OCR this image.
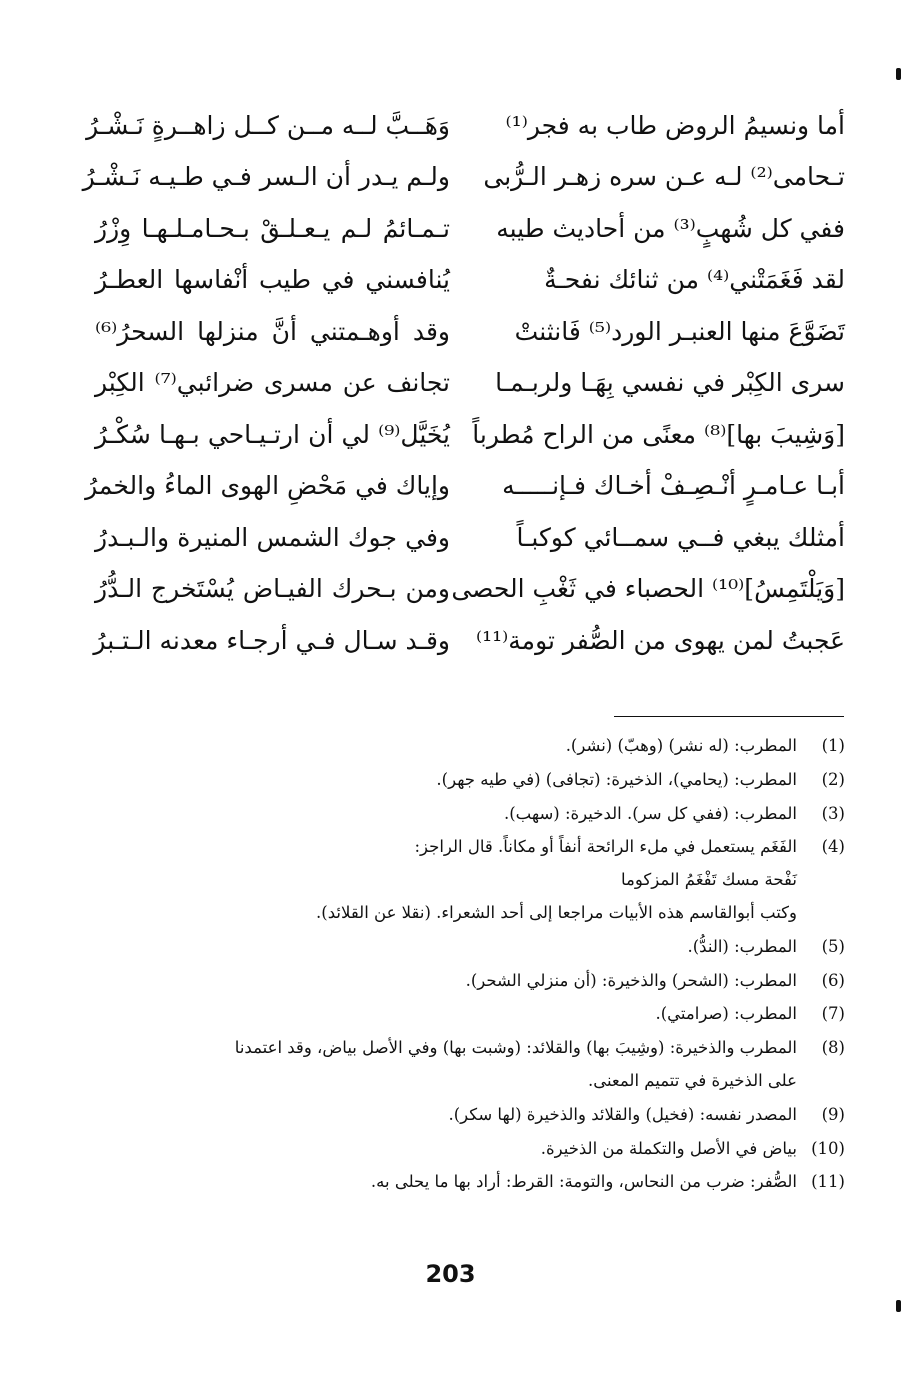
أما ونسيمُ الروض طاب به فجر⁽¹⁾
وَهَــبَّ لــه مــن كــل زاهــرةٍ نَـشْـرُ
تـحامى⁽²⁾ لـه عـن سره زهـر الـرُّبى
ولـم يـدر أن الـسر فـي طـيـه نَـشْـرُ
ففي كل شُهبٍ⁽³⁾ من أحاديث طيبه
تـمـائمُ لـم يـعـلـقْ بـحـامـلـهـا وِزْرُ
لقد فَغَمَتْني⁽⁴⁾ من ثنائك نفحـةٌ
يُنافسني في طيب أنْفاسها العطـرُ
تَضَوَّعَ منها العنبـر الورد⁽⁵⁾ فَانثنتْ
وقد أوهـمتني أنَّ منزلها السحرُ⁽⁶⁾
سرى الكِبْر في نفسي بِهَـا ولربـمـا
تجانف عن مسرى ضرائبي⁽⁷⁾ الكِبْر
[وَشِيبَ بها]⁽⁸⁾ معنًى من الراح مُطرباً
يُخَيَّل⁽⁹⁾ لي أن ارتـيـاحي بـهـا سُكْـرُ
أبـا عـامـرٍ أنْـصِـفْ أخـاك فـإنـــــه
وإياك في مَحْضِ الهوى الماءُ والخمرُ
أمثلك يبغي فــي سمــائي كوكبـاً
وفي جوك الشمس المنيرة والـبـدرُ
[وَيَلْتَمِسُ]⁽¹⁰⁾ الحصباء في ثَغْبِ الحصى
ومن بـحرك الفيـاض يُسْتَخرج الـدُّرُ
عَجبتُ لمن يهوى من الصُّفر تومة⁽¹¹⁾
وقـد سـال فـي أرجـاء معدنه الـتـبرُ
(1)
المطرب: (له نشر) (وهبّ) (نشر).
(2)
المطرب: (يحامي)، الذخيرة: (تجافى) (في طيه جهر).
(3)
المطرب: (ففي كل سر). الدخيرة: (سهب).
(4)
الفَغَم يستعمل في ملء الرائحة أنفاً أو مكاناً. قال الراجز:
نَفْحة مسك تَفْغَمُ المزكوما
وكتب أبوالقاسم هذه الأبيات مراجعا إلى أحد الشعراء. (نقلا عن القلائد).
(5)
المطرب: (الندُّ).
(6)
المطرب: (الشحر) والذخيرة: (أن منزلي الشحر).
(7)
المطرب: (صرامتي).
(8)
المطرب والذخيرة: (وشِيبَ بها) والقلائد: (وشبت بها) وفي الأصل بياض، وقد اعتمدنا
على الذخيرة في تتميم المعنى.
(9)
المصدر نفسه: (فخيل) والقلائد والذخيرة (لها سكر).
(10)
بياض في الأصل والتكملة من الذخيرة.
(11)
الصُّفر: ضرب من النحاس، والتومة: القرط: أراد بها ما يحلى به.
203
